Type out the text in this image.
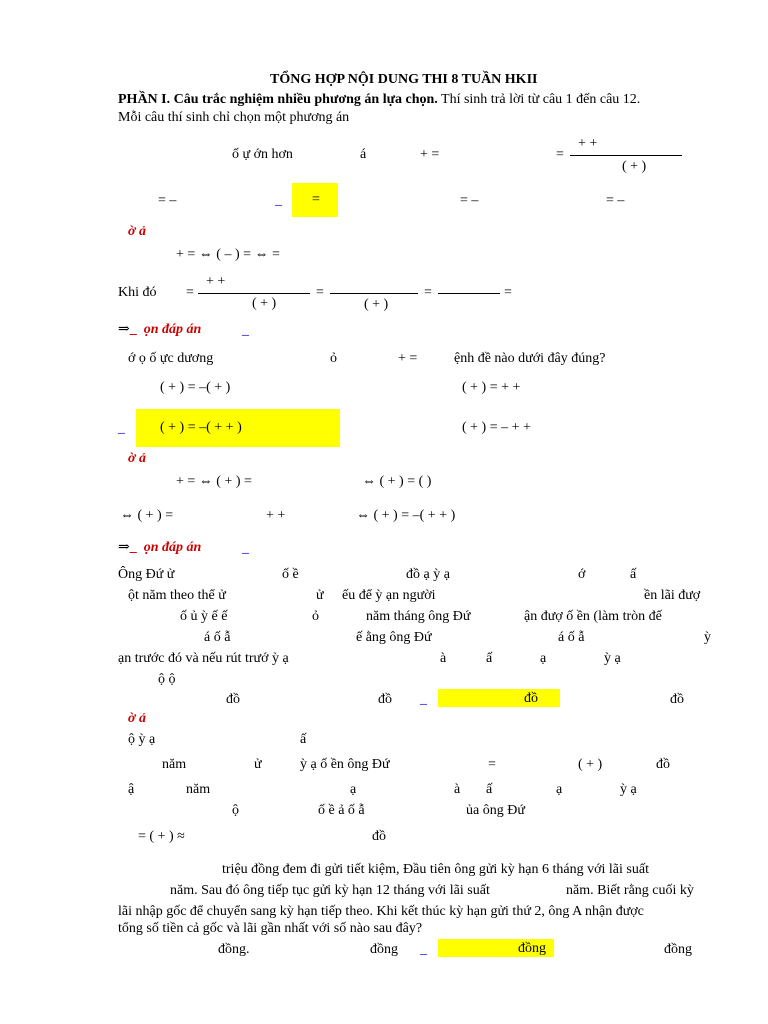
TỔNG HỢP NỘI DUNG THI 8 TUẦN HKII
PHẦN I. Câu trắc nghiệm nhiều phương án lựa chọn. Thí sinh trả lời từ câu 1 đến câu 12.
Mỗi câu thí sinh chỉ chọn một phương án
ố ự ớn hơn	á	+ =	=
+ +
( + )
= –	_ =	= –	= –
ờ ả
+ = ⇔ ( – ) = ⇔ =
Khi đó =
+ +
( + )
=
( + )
=	=
⇒_ ọn đáp án	_
ớ ọ ố ực dương	ỏ	+ =	ệnh đề nào dưới đây đúng?
( + ) = –( + )	( + ) = + +
_	( + ) = –( + + )	( + ) = – + +
ờ ả
+ = ⇔ ( + ) =	⇔ ( + ) = ( )
⇔ ( + ) =	+ +	⇔ ( + ) = –( + + )
⇒_ ọn đáp án	_
Ông Đứ ử	ố ề	đồ ạ ỳ ạ	ớ	ấ
ột năm theo thể ử	ử ếu để ỳ ạn người	ền lãi đượ
ố ủ ỳ ế ế	ỏ	năm tháng ông Đứ	ận đượ ố ền (làm tròn đế
á ố ẫ	ế ằng ông Đứ	á ố ẫ	ỳ
ạn trước đó và nếu rút trướ ỳ ạ	à	ấ	ạ	ỳ ạ
ộ ộ
đồ	đồ _	đồ	đồ
ờ ả
ộ ỳ ạ	ấ
năm	ử	ỳ ạ ố ền ông Đứ	=	( + )	đồ
ậ	năm	ạ	à ấ	ạ	ỳ ạ
ộ	ố ề ả ố ẫ	ủa ông Đứ
= ( + ) ≈	đồ
triệu đồng đem đi gửi tiết kiệm, Đầu tiên ông gửi kỳ hạn 6 tháng với lãi suất
năm. Sau đó ông tiếp tục gửi kỳ hạn 12 tháng với lãi suất	năm. Biết rằng cuối kỳ
lãi nhập gốc để chuyển sang kỳ hạn tiếp theo. Khi kết thúc kỳ hạn gửi thứ 2, ông A nhận được
tổng số tiền cả gốc và lãi gần nhất với số nào sau đây?
đồng.	đồng _	đồng	đồng
